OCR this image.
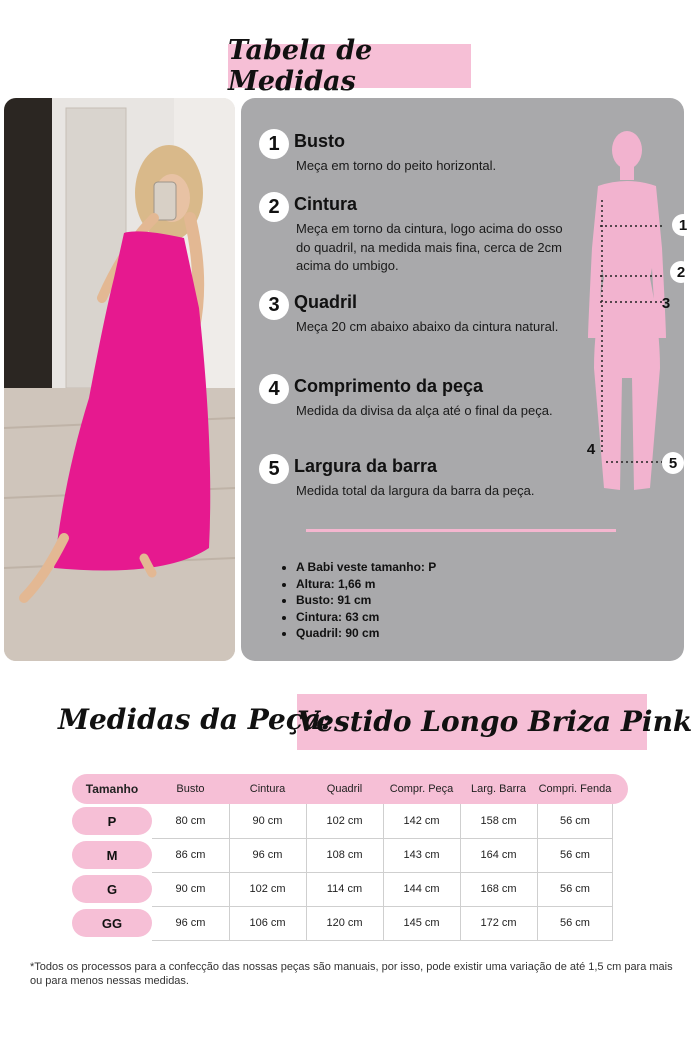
Tabela de Medidas
1 Busto
Meça em torno do peito horizontal.
2 Cintura
Meça em torno da cintura, logo acima do osso do quadril, na medida mais fina, cerca de 2cm acima do umbigo.
3 Quadril
Meça 20 cm abaixo abaixo da cintura natural.
4 Comprimento da peça
Medida da divisa da alça até o final da peça.
5 Largura da barra
Medida total da largura da barra da peça.
1
2
3
4
5
• A Babi veste tamanho: P
• Altura: 1,66 m
• Busto: 91 cm
• Cintura: 63 cm
• Quadril: 90 cm
Medidas da Peça:
Vestido Longo Briza Pink
Tamanho	Busto	Cintura	Quadril	Compr. Peça	Larg. Barra	Compri. Fenda
P	80 cm	90 cm	102 cm	142 cm	158 cm	56 cm
M	86 cm	96 cm	108 cm	143 cm	164 cm	56 cm
G	90 cm	102 cm	114 cm	144 cm	168 cm	56 cm
GG	96 cm	106 cm	120 cm	145 cm	172 cm	56 cm
*Todos os processos para a confecção das nossas peças são manuais, por isso, pode existir uma variação de até 1,5 cm para mais ou para menos nessas medidas.
